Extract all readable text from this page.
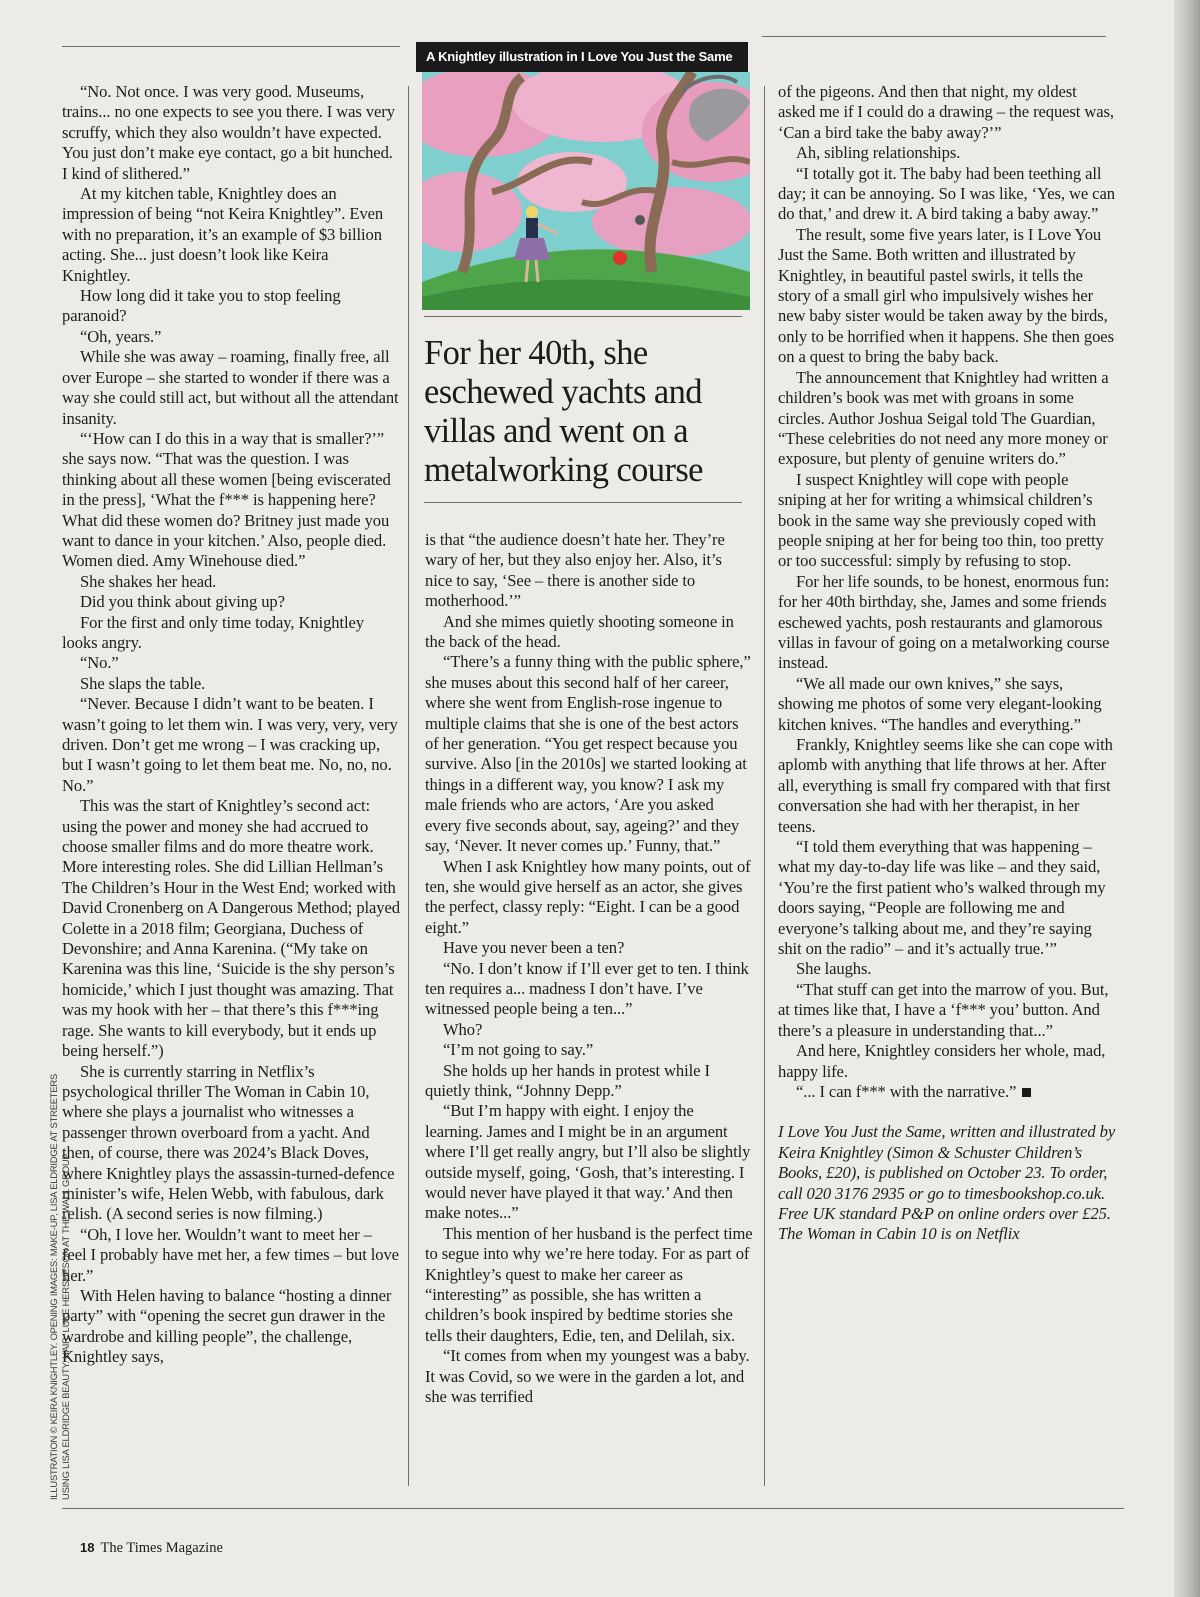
A Knightley illustration in I Love You Just the Same
For her 40th, she eschewed yachts and villas and went on a metalworking course

“No. Not once. I was very good. Museums, trains... no one expects to see you there. I was very scruffy, which they also wouldn’t have expected. You just don’t make eye contact, go a bit hunched. I kind of slithered.”

At my kitchen table, Knightley does an impression of being “not Keira Knightley”. Even with no preparation, it’s an example of $3 billion acting. She... just doesn’t look like Keira Knightley.

How long did it take you to stop feeling paranoid?

“Oh, years.”

While she was away – roaming, finally free, all over Europe – she started to wonder if there was a way she could still act, but without all the attendant insanity.

“‘How can I do this in a way that is smaller?’” she says now. “That was the question. I was thinking about all these women [being eviscerated in the press], ‘What the f*** is happening here? What did these women do? Britney just made you want to dance in your kitchen.’ Also, people died. Women died. Amy Winehouse died.”

She shakes her head.

Did you think about giving up?

For the first and only time today, Knightley looks angry.

“No.”

She slaps the table.

“Never. Because I didn’t want to be beaten. I wasn’t going to let them win. I was very, very, very driven. Don’t get me wrong – I was cracking up, but I wasn’t going to let them beat me. No, no, no. No.”

This was the start of Knightley’s second act: using the power and money she had accrued to choose smaller films and do more theatre work. More interesting roles. She did Lillian Hellman’s The Children’s Hour in the West End; worked with David Cronenberg on A Dangerous Method; played Colette in a 2018 film; Georgiana, Duchess of Devonshire; and Anna Karenina. (“My take on Karenina was this line, ‘Suicide is the shy person’s homicide,’ which I just thought was amazing. That was my hook with her – that there’s this f***ing rage. She wants to kill everybody, but it ends up being herself.”)

She is currently starring in Netflix’s psychological thriller The Woman in Cabin 10, where she plays a journalist who witnesses a passenger thrown overboard from a yacht. And then, of course, there was 2024’s Black Doves, where Knightley plays the assassin-turned-defence minister’s wife, Helen Webb, with fabulous, dark relish. (A second series is now filming.)

“Oh, I love her. Wouldn’t want to meet her – feel I probably have met her, a few times – but love her.”

With Helen having to balance “hosting a dinner party” with “opening the secret gun drawer in the wardrobe and killing people”, the challenge, Knightley says,

is that “the audience doesn’t hate her. They’re wary of her, but they also enjoy her. Also, it’s nice to say, ‘See – there is another side to motherhood.’”

And she mimes quietly shooting someone in the back of the head.

“There’s a funny thing with the public sphere,” she muses about this second half of her career, where she went from English-rose ingenue to multiple claims that she is one of the best actors of her generation. “You get respect because you survive. Also [in the 2010s] we started looking at things in a different way, you know? I ask my male friends who are actors, ‘Are you asked every five seconds about, say, ageing?’ and they say, ‘Never. It never comes up.’ Funny, that.”

When I ask Knightley how many points, out of ten, she would give herself as an actor, she gives the perfect, classy reply: “Eight. I can be a good eight.”

Have you never been a ten?

“No. I don’t know if I’ll ever get to ten. I think ten requires a... madness I don’t have. I’ve witnessed people being a ten...”

Who?

“I’m not going to say.”

She holds up her hands in protest while I quietly think, “Johnny Depp.”

“But I’m happy with eight. I enjoy the learning. James and I might be in an argument where I’ll get really angry, but I’ll also be slightly outside myself, going, ‘Gosh, that’s interesting. I would never have played it that way.’ And then make notes...”

This mention of her husband is the perfect time to segue into why we’re here today. For as part of Knightley’s quest to make her career as “interesting” as possible, she has written a children’s book inspired by bedtime stories she tells their daughters, Edie, ten, and Delilah, six.

“It comes from when my youngest was a baby. It was Covid, so we were in the garden a lot, and she was terrified

of the pigeons. And then that night, my oldest asked me if I could do a drawing – the request was, ‘Can a bird take the baby away?’”

Ah, sibling relationships.

“I totally got it. The baby had been teething all day; it can be annoying. So I was like, ‘Yes, we can do that,’ and drew it. A bird taking a baby away.”

The result, some five years later, is I Love You Just the Same. Both written and illustrated by Knightley, in beautiful pastel swirls, it tells the story of a small girl who impulsively wishes her new baby sister would be taken away by the birds, only to be horrified when it happens. She then goes on a quest to bring the baby back.

The announcement that Knightley had written a children’s book was met with groans in some circles. Author Joshua Seigal told The Guardian, “These celebrities do not need any more money or exposure, but plenty of genuine writers do.”

I suspect Knightley will cope with people sniping at her for writing a whimsical children’s book in the same way she previously coped with people sniping at her for being too thin, too pretty or too successful: simply by refusing to stop.

For her life sounds, to be honest, enormous fun: for her 40th birthday, she, James and some friends eschewed yachts, posh restaurants and glamorous villas in favour of going on a metalworking course instead.

“We all made our own knives,” she says, showing me photos of some very elegant-looking kitchen knives. “The handles and everything.”

Frankly, Knightley seems like she can cope with aplomb with anything that life throws at her. After all, everything is small fry compared with that first conversation she had with her therapist, in her teens.

“I told them everything that was happening – what my day-to-day life was like – and they said, ‘You’re the first patient who’s walked through my doors saying, “People are following me and everyone’s talking about me, and they’re saying shit on the radio” – and it’s actually true.’”

She laughs.

“That stuff can get into the marrow of you. But, at times like that, I have a ‘f*** you’ button. And there’s a pleasure in understanding that...”

And here, Knightley considers her whole, mad, happy life.

“... I can f*** with the narrative.”

I Love You Just the Same, written and illustrated by Keira Knightley (Simon & Schuster Children’s Books, £20), is published on October 23. To order, call 020 3176 2935 or go to timesbookshop.co.uk. Free UK standard P&P on online orders over £25. The Woman in Cabin 10 is on Netflix

ILLUSTRATION © KEIRA KNIGHTLEY. OPENING IMAGES: MAKE-UP, LISA ELDRIDGE AT STREETERS USING LISA ELDRIDGE BEAUTY. HAIR: LUKE HERSHESON AT THE WALL GROUP
18 The Times Magazine
